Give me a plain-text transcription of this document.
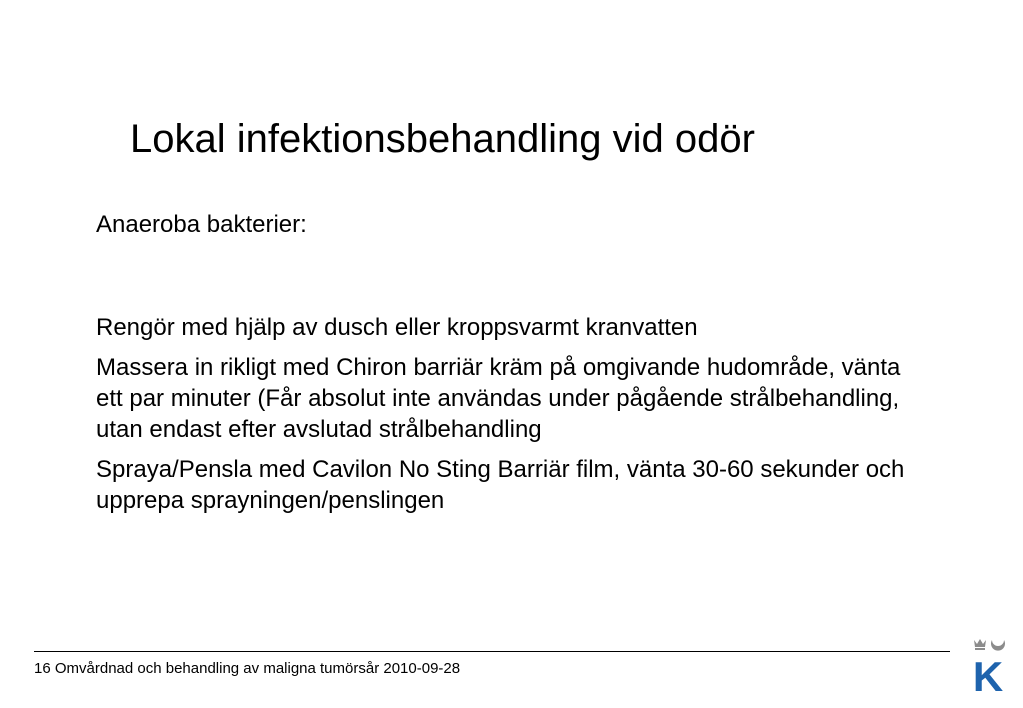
Lokal infektionsbehandling vid odör

Anaeroba bakterier:

Rengör med hjälp av dusch eller kroppsvarmt kranvatten

Massera in rikligt med Chiron barriär kräm på omgivande hudområde, vänta ett par minuter (Får absolut inte användas under pågående strålbehandling, utan endast efter avslutad strålbehandling

Spraya/Pensla med Cavilon No Sting Barriär film, vänta 30-60 sekunder och upprepa sprayningen/penslingen

16 Omvårdnad och behandling av maligna tumörsår 2010-09-28	K
